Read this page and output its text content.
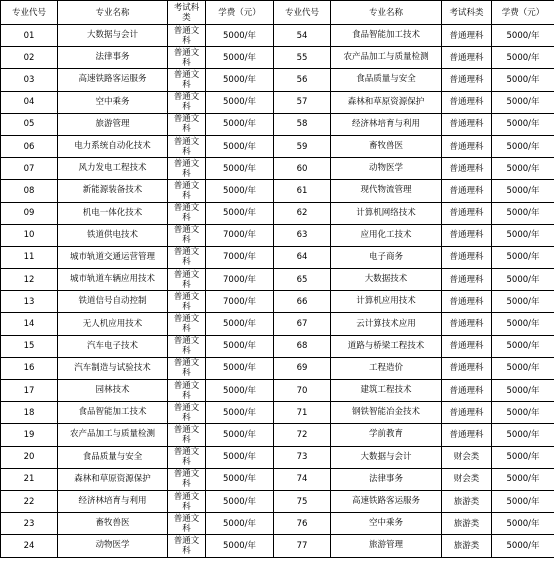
专业代号	专业名称	考试科类	学费（元）	专业代号	专业名称	考试科类	学费（元）
01	大数据与会计	普通文科	5000/年	54	食品智能加工技术	普通理科	5000/年
02	法律事务	普通文科	5000/年	55	农产品加工与质量检测	普通理科	5000/年
03	高速铁路客运服务	普通文科	5000/年	56	食品质量与安全	普通理科	5000/年
04	空中乘务	普通文科	5000/年	57	森林和草原资源保护	普通理科	5000/年
05	旅游管理	普通文科	5000/年	58	经济林培育与利用	普通理科	5000/年
06	电力系统自动化技术	普通文科	5000/年	59	畜牧兽医	普通理科	5000/年
07	风力发电工程技术	普通文科	5000/年	60	动物医学	普通理科	5000/年
08	新能源装备技术	普通文科	5000/年	61	现代物流管理	普通理科	5000/年
09	机电一体化技术	普通文科	5000/年	62	计算机网络技术	普通理科	5000/年
10	铁道供电技术	普通文科	7000/年	63	应用化工技术	普通理科	5000/年
11	城市轨道交通运营管理	普通文科	7000/年	64	电子商务	普通理科	5000/年
12	城市轨道车辆应用技术	普通文科	7000/年	65	大数据技术	普通理科	5000/年
13	铁道信号自动控制	普通文科	7000/年	66	计算机应用技术	普通理科	5000/年
14	无人机应用技术	普通文科	5000/年	67	云计算技术应用	普通理科	5000/年
15	汽车电子技术	普通文科	5000/年	68	道路与桥梁工程技术	普通理科	5000/年
16	汽车制造与试验技术	普通文科	5000/年	69	工程造价	普通理科	5000/年
17	园林技术	普通文科	5000/年	70	建筑工程技术	普通理科	5000/年
18	食品智能加工技术	普通文科	5000/年	71	钢铁智能冶金技术	普通理科	5000/年
19	农产品加工与质量检测	普通文科	5000/年	72	学前教育	普通理科	5000/年
20	食品质量与安全	普通文科	5000/年	73	大数据与会计	财会类	5000/年
21	森林和草原资源保护	普通文科	5000/年	74	法律事务	财会类	5000/年
22	经济林培育与利用	普通文科	5000/年	75	高速铁路客运服务	旅游类	5000/年
23	畜牧兽医	普通文科	5000/年	76	空中乘务	旅游类	5000/年
24	动物医学	普通文科	5000/年	77	旅游管理	旅游类	5000/年
